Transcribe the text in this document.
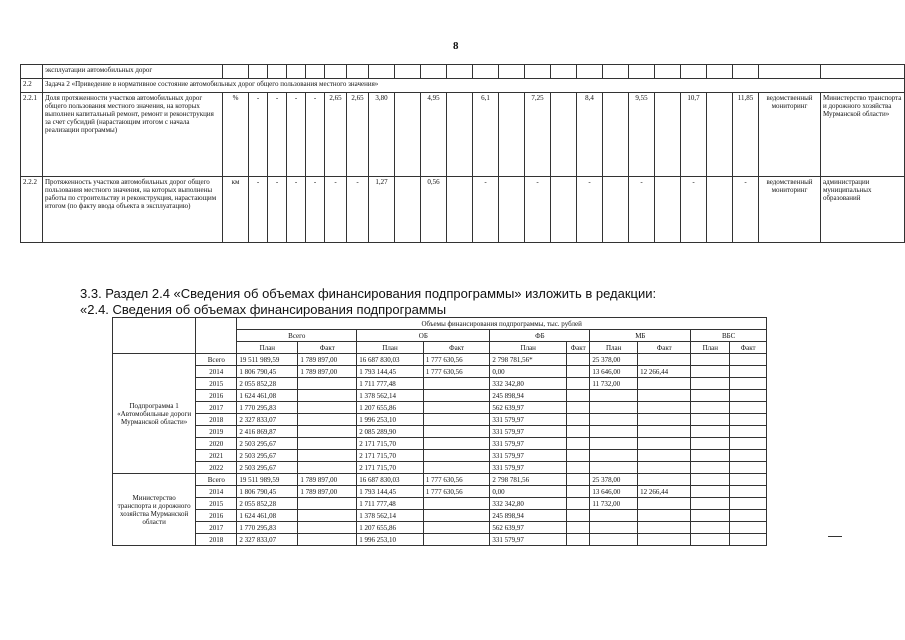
8
	эксплуатации автомобильных дорог																								
2.2	Задача 2 «Приведение в нормативное состояние автомобильных дорог общего пользования местного значения»																								
2.2.1	Доля протяженности участков автомобильных дорог общего пользования местного значения, на которых выполнен капитальный ремонт, ремонт и реконструкция за счет субсидий (нарастающим итогом с начала реализации программы)	%	-	-	-	-	2,65	2,65	3,80		4,95		6,1		7,25		8,4		9,55		10,7		11,85	ведомственный мониторинг	Министерство транспорта и дорожного хозяйства Мурманской области»
2.2.2	Протяженность участков автомобильных дорог общего пользования местного значения, на которых выполнены работы по строительству и реконструкция, нарастающим итогом (по факту ввода объекта в эксплуатацию)	км	-	-	-	-	-	-	1,27		0,56		-		-		-		-		-		-	ведомственный мониторинг	администрации муниципальных образований
3.3. Раздел 2.4 «Сведения об объемах финансирования подпрограммы» изложить в редакции:
«2.4. Сведения об объемах финансирования подпрограммы
		Объемы финансирования подпрограммы, тыс. рублей									
		Всего		ОБ		ФБ		МБ		ВБС	
		План	Факт	План	Факт	План	Факт	План	Факт	План	Факт
Подпрограмма 1 «Автомобильные дороги Мурманской области»	Всего	19 511 989,59	1 789 897,00	16 687 830,03	1 777 630,56	2 798 781,56*		25 378,00			
	2014	1 806 790,45	1 789 897,00	1 793 144,45	1 777 630,56	0,00		13 646,00	12 266,44		
	2015	2 055 852,28		1 711 777,48		332 342,80		11 732,00			
	2016	1 624 461,08		1 378 562,14		245 898,94					
	2017	1 770 295,83		1 207 655,86		562 639,97					
	2018	2 327 833,07		1 996 253,10		331 579,97					
	2019	2 416 869,87		2 085 289,90		331 579,97					
	2020	2 503 295,67		2 171 715,70		331 579,97					
	2021	2 503 295,67		2 171 715,70		331 579,97					
	2022	2 503 295,67		2 171 715,70		331 579,97					
Министерство транспорта и дорожного хозяйства Мурманской области	Всего	19 511 989,59	1 789 897,00	16 687 830,03	1 777 630,56	2 798 781,56		25 378,00			
	2014	1 806 790,45	1 789 897,00	1 793 144,45	1 777 630,56	0,00		13 646,00	12 266,44		
	2015	2 055 852,28		1 711 777,48		332 342,80		11 732,00			
	2016	1 624 461,08		1 378 562,14		245 898,94					
	2017	1 770 295,83		1 207 655,86		562 639,97					
	2018	2 327 833,07		1 996 253,10		331 579,97					
